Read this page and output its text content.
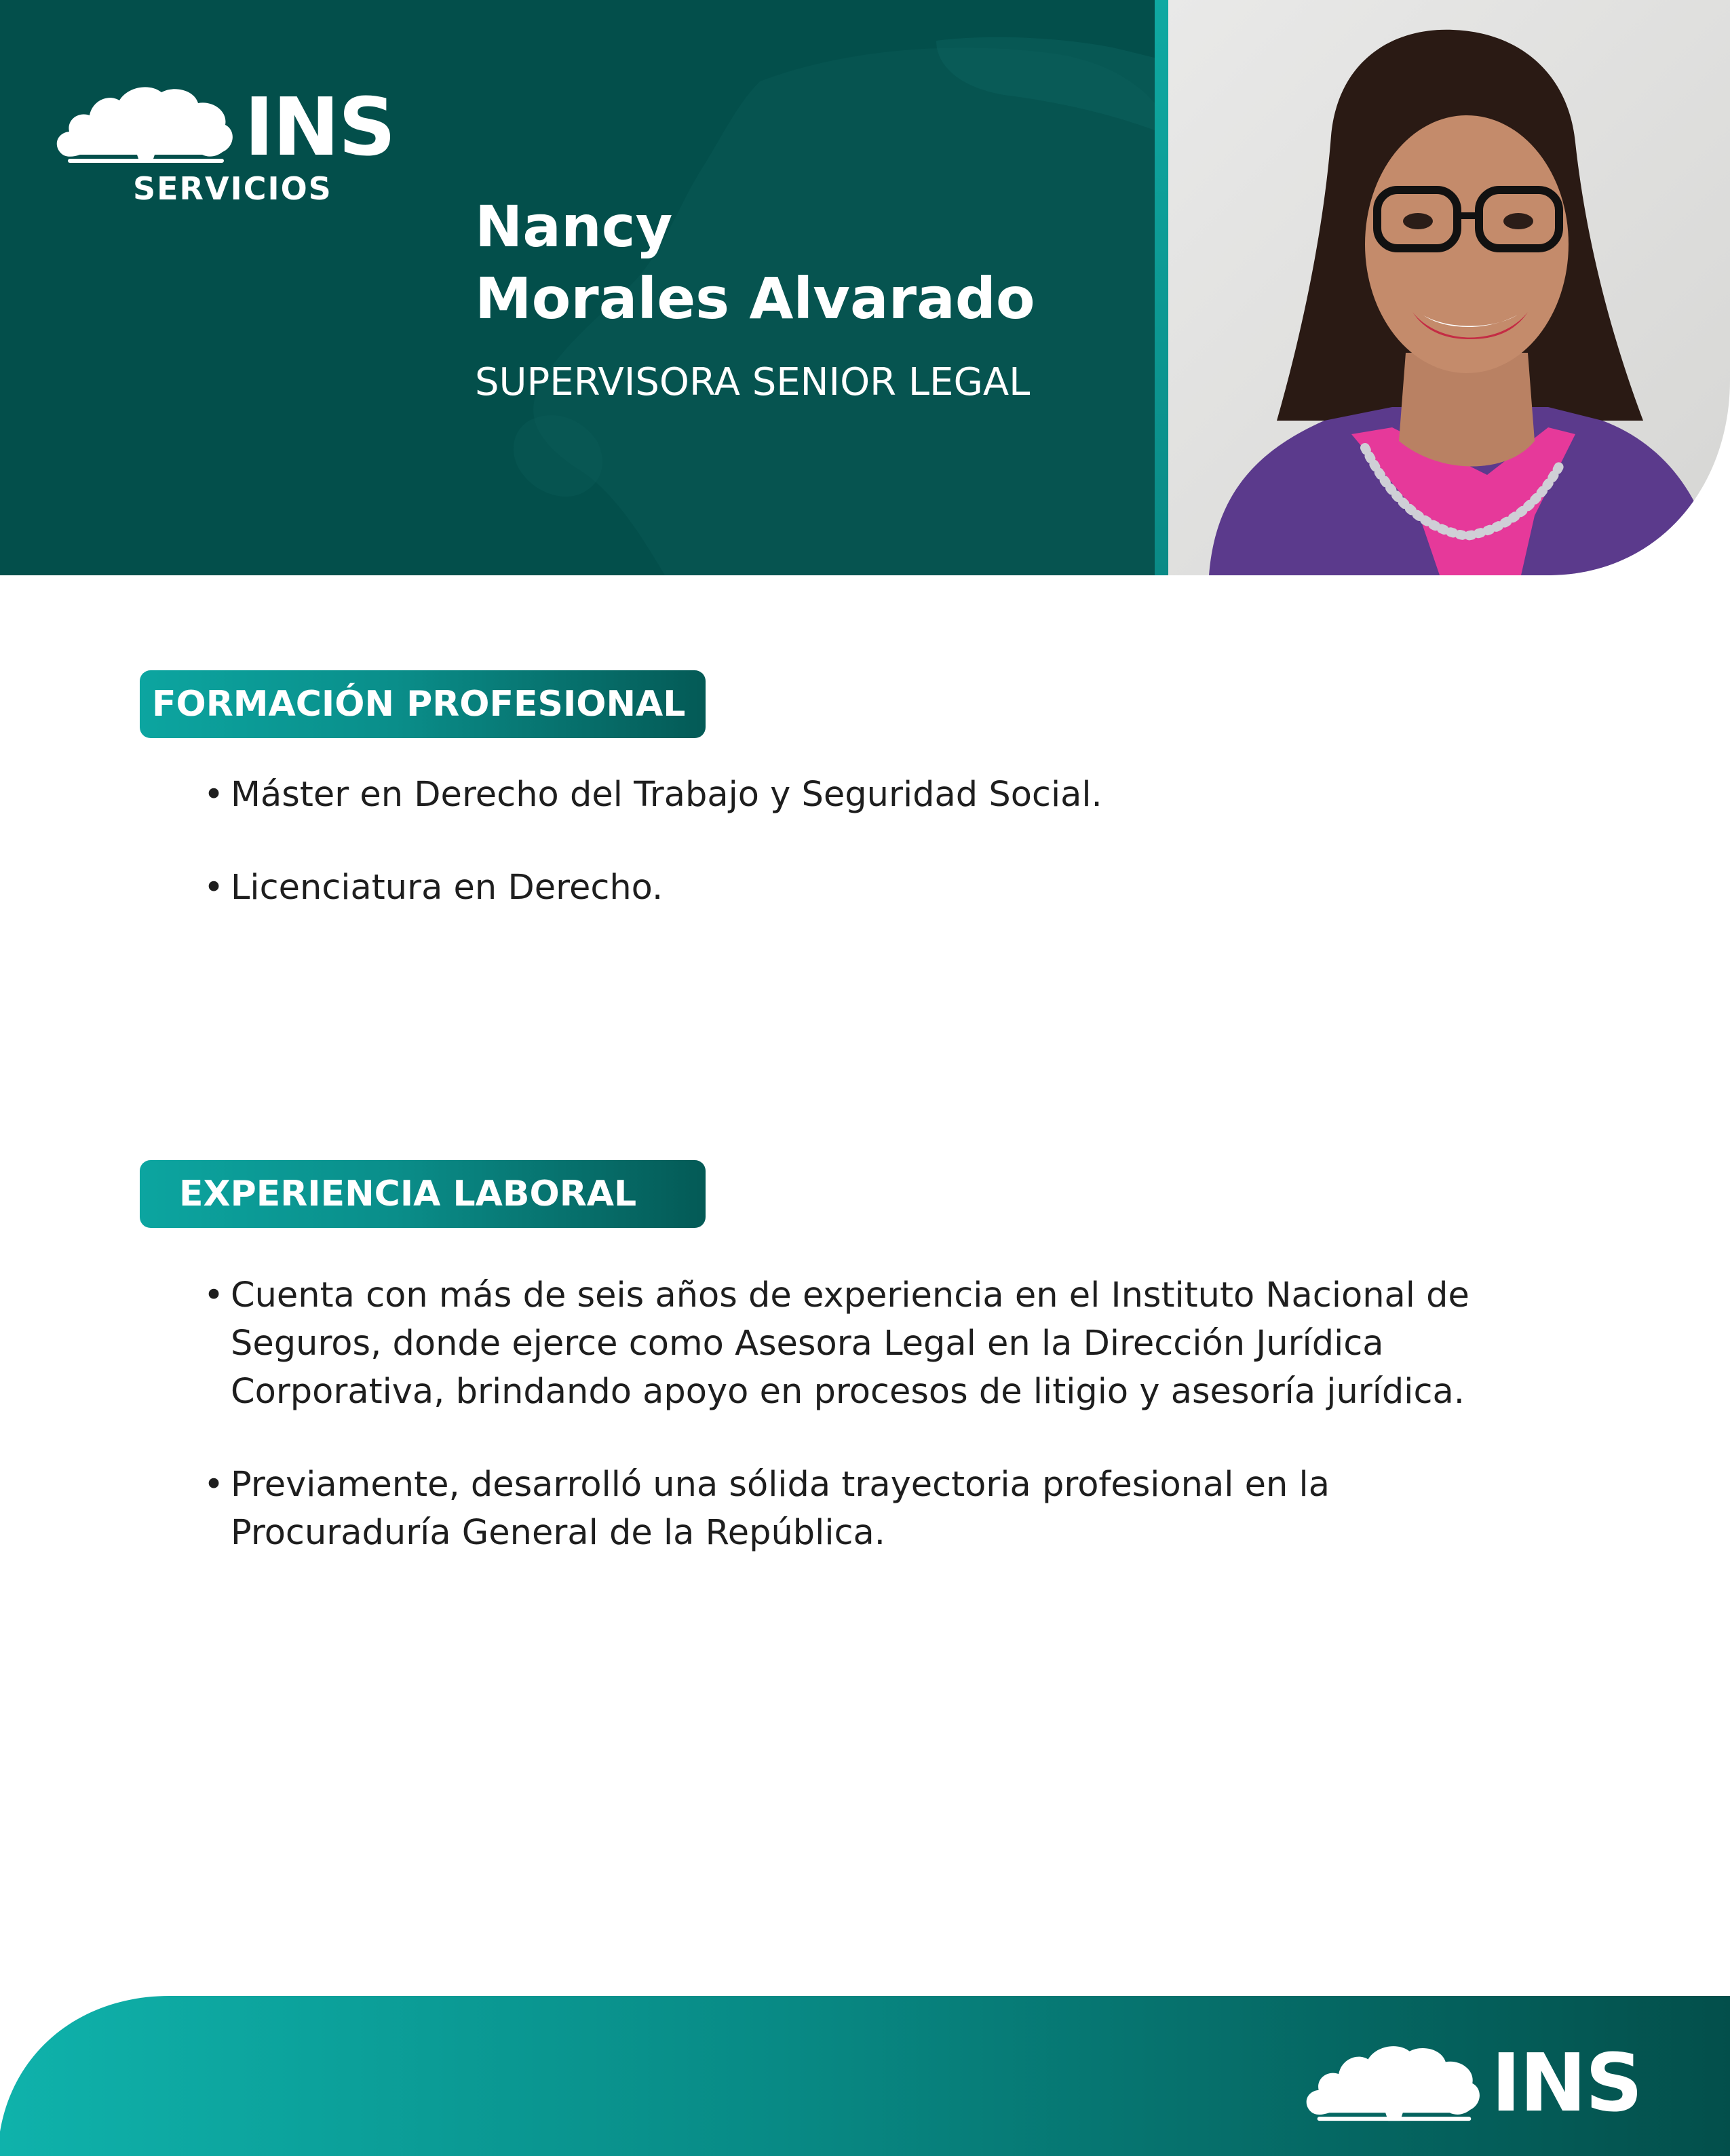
INS
SERVICIOS
Nancy
Morales Alvarado
SUPERVISORA SENIOR LEGAL
FORMACIÓN PROFESIONAL
• Máster en Derecho del Trabajo y Seguridad Social.
• Licenciatura en Derecho.
EXPERIENCIA LABORAL
• Cuenta con más de seis años de experiencia en el Instituto Nacional de Seguros, donde ejerce como Asesora Legal en la Dirección Jurídica Corporativa, brindando apoyo en procesos de litigio y asesoría jurídica.
• Previamente, desarrolló una sólida trayectoria profesional en la Procuraduría General de la República.
INS
